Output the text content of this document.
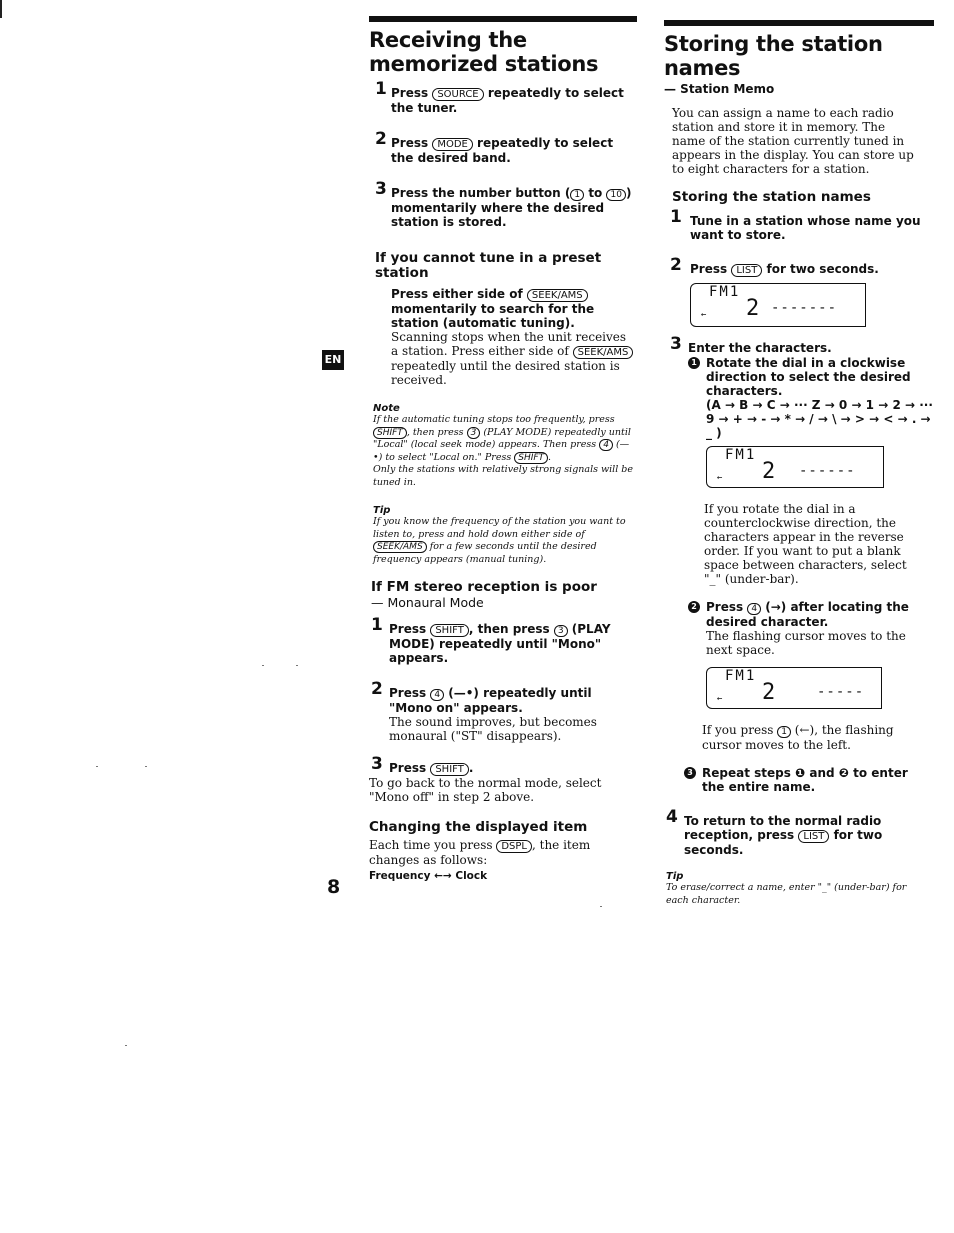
EN
8
Receiving the memorized stations
1 Press SOURCE repeatedly to select the tuner.
2 Press MODE repeatedly to select the desired band.
3 Press the number button ( 1 to 10 ) momentarily where the desired station is stored.
If you cannot tune in a preset station
Press either side of SEEK/AMS momentarily to search for the station (automatic tuning).
Scanning stops when the unit receives a station. Press either side of SEEK/AMS repeatedly until the desired station is received.
Note
If the automatic tuning stops too frequently, press SHIFT , then press 3 (PLAY MODE) repeatedly until "Local" (local seek mode) appears. Then press 4 (—•) to select "Local on." Press SHIFT .
Only the stations with relatively strong signals will be tuned in.
Tip
If you know the frequency of the station you want to listen to, press and hold down either side of SEEK/AMS for a few seconds until the desired frequency appears (manual tuning).
If FM stereo reception is poor
— Monaural Mode
1 Press SHIFT , then press 3 (PLAY MODE) repeatedly until "Mono" appears.
2 Press 4 (—•) repeatedly until "Mono on" appears.
The sound improves, but becomes monaural ("ST" disappears).
3 Press SHIFT .
To go back to the normal mode, select "Mono off" in step 2 above.
Changing the displayed item
Each time you press DSPL , the item changes as follows:
Frequency ←→ Clock
Storing the station names
— Station Memo
You can assign a name to each radio station and store it in memory. The name of the station currently tuned in appears in the display. You can store up to eight characters for a station.
Storing the station names
1 Tune in a station whose name you want to store.
2 Press LIST for two seconds.
FM1
2 -------
←
3 Enter the characters.
1 Rotate the dial in a clockwise direction to select the desired characters.
(A → B → C → ··· Z → 0 → 1 → 2 → ··· 9 → + → - → * → / → \ → > → < → . → _ )
FM1
2 ------
←
If you rotate the dial in a counterclockwise direction, the characters appear in the reverse order. If you want to put a blank space between characters, select "_" (under-bar).
2 Press 4 (→) after locating the desired character.
The flashing cursor moves to the next space.
FM1
2	-----
←
If you press 1 (←), the flashing cursor moves to the left.
3 Repeat steps ❶ and ❷ to enter the entire name.
4 To return to the normal radio reception, press LIST for two seconds.
Tip
To erase/correct a name, enter "_" (under-bar) for each character.
